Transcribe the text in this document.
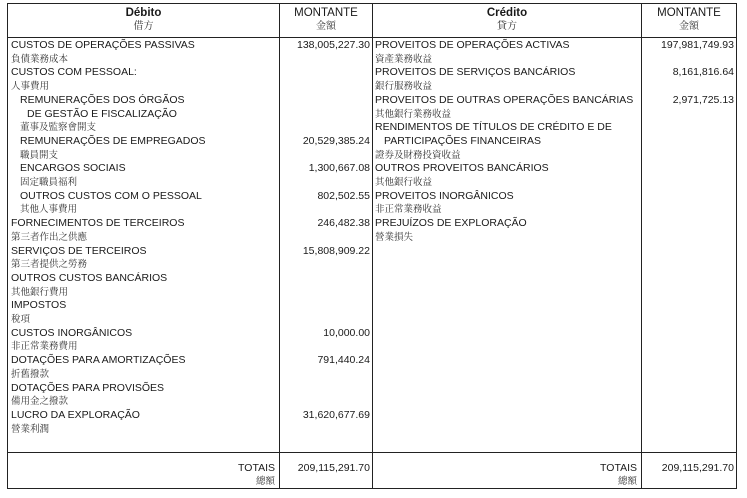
Débito
借方
MONTANTE
金額
Crédito
貸方
MONTANTE
金額
CUSTOS DE OPERAÇÕES PASSIVAS
負債業務成本
CUSTOS COM PESSOAL:
人事費用
REMUNERAÇÕES DOS ÓRGÃOS
DE GESTÃO E FISCALIZAÇÃO
董事及監察會開支
REMUNERAÇÕES DE EMPREGADOS
職員開支
ENCARGOS SOCIAIS
固定職員福利
OUTROS CUSTOS COM O PESSOAL
其他人事費用
FORNECIMENTOS DE TERCEIROS
第三者作出之供應
SERVIÇOS DE TERCEIROS
第三者提供之勞務
OUTROS CUSTOS BANCÁRIOS
其他銀行費用
IMPOSTOS
稅項
CUSTOS INORGÂNICOS
非正常業務費用
DOTAÇÕES PARA AMORTIZAÇÕES
折舊撥款
DOTAÇÕES PARA PROVISÕES
備用金之撥款
LUCRO DA EXPLORAÇÃO
營業利潤
138,005,227.30
20,529,385.24
1,300,667.08
802,502.55
246,482.38
15,808,909.22
10,000.00
791,440.24
31,620,677.69
PROVEITOS DE OPERAÇÕES ACTIVAS
資產業務收益
PROVEITOS DE SERVIÇOS BANCÁRIOS
銀行服務收益
PROVEITOS DE OUTRAS OPERAÇÕES BANCÁRIAS
其他銀行業務收益
RENDIMENTOS DE TÍTULOS DE CRÉDITO E DE
PARTICIPAÇÕES FINANCEIRAS
證券及財務投資收益
OUTROS PROVEITOS BANCÁRIOS
其他銀行收益
PROVEITOS INORGÂNICOS
非正常業務收益
PREJUÍZOS DE EXPLORAÇÃO
營業損失
197,981,749.93
8,161,816.64
2,971,725.13
TOTAIS
總額
209,115,291.70	TOTAIS
總額
209,115,291.70
